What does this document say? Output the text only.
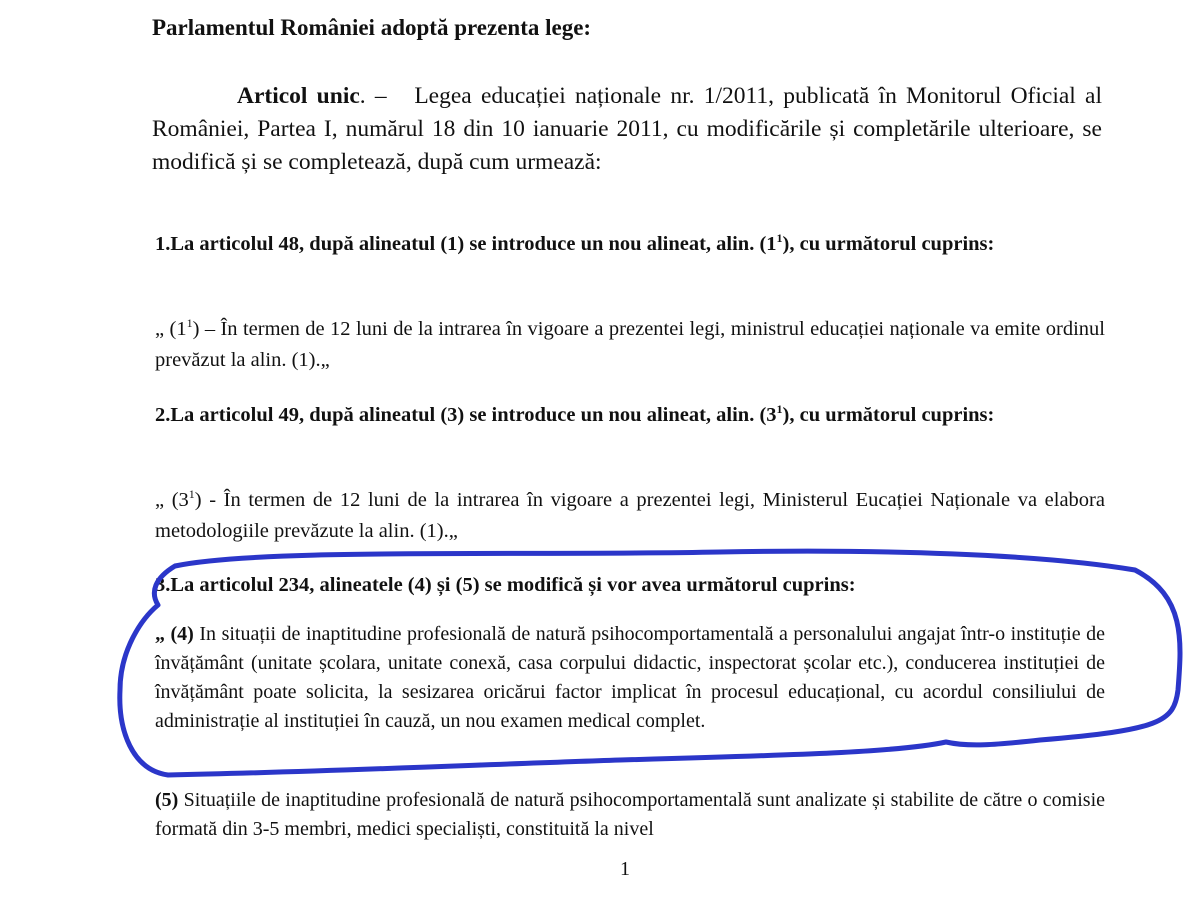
Parlamentul României adoptă prezenta lege:
Articol unic. – Legea educației naționale nr. 1/2011, publicată în Monitorul Oficial al României, Partea I, numărul 18 din 10 ianuarie 2011, cu modificările și completările ulterioare, se modifică și se completează, după cum urmează:
1.La articolul 48, după alineatul (1) se introduce un nou alineat, alin. $(1^1)$, cu următorul cuprins:
„ $(1^1)$ – În termen de 12 luni de la intrarea în vigoare a prezentei legi, ministrul educației naționale va emite ordinul prevăzut la alin. (1).„
2.La articolul 49, după alineatul (3) se introduce un nou alineat, alin. $(3^1)$, cu următorul cuprins:
„ $(3^1)$ - În termen de 12 luni de la intrarea în vigoare a prezentei legi, Ministerul Eucației Naționale va elabora metodologiile prevăzute la alin. (1).„
3.La articolul 234, alineatele (4) și (5) se modifică și vor avea următorul cuprins:
„ (4) In situații de inaptitudine profesională de natură psihocomportamentală a personalului angajat într-o instituție de învățământ (unitate școlara, unitate conexă, casa corpului didactic, inspectorat școlar etc.), conducerea instituției de învățământ poate solicita, la sesizarea oricărui factor implicat în procesul educațional, cu acordul consiliului de administrație al instituției în cauză, un nou examen medical complet.
(5) Situațiile de inaptitudine profesională de natură psihocomportamentală sunt analizate și stabilite de către o comisie formată din 3-5 membri, medici specialiști, constituită la nivel
1
